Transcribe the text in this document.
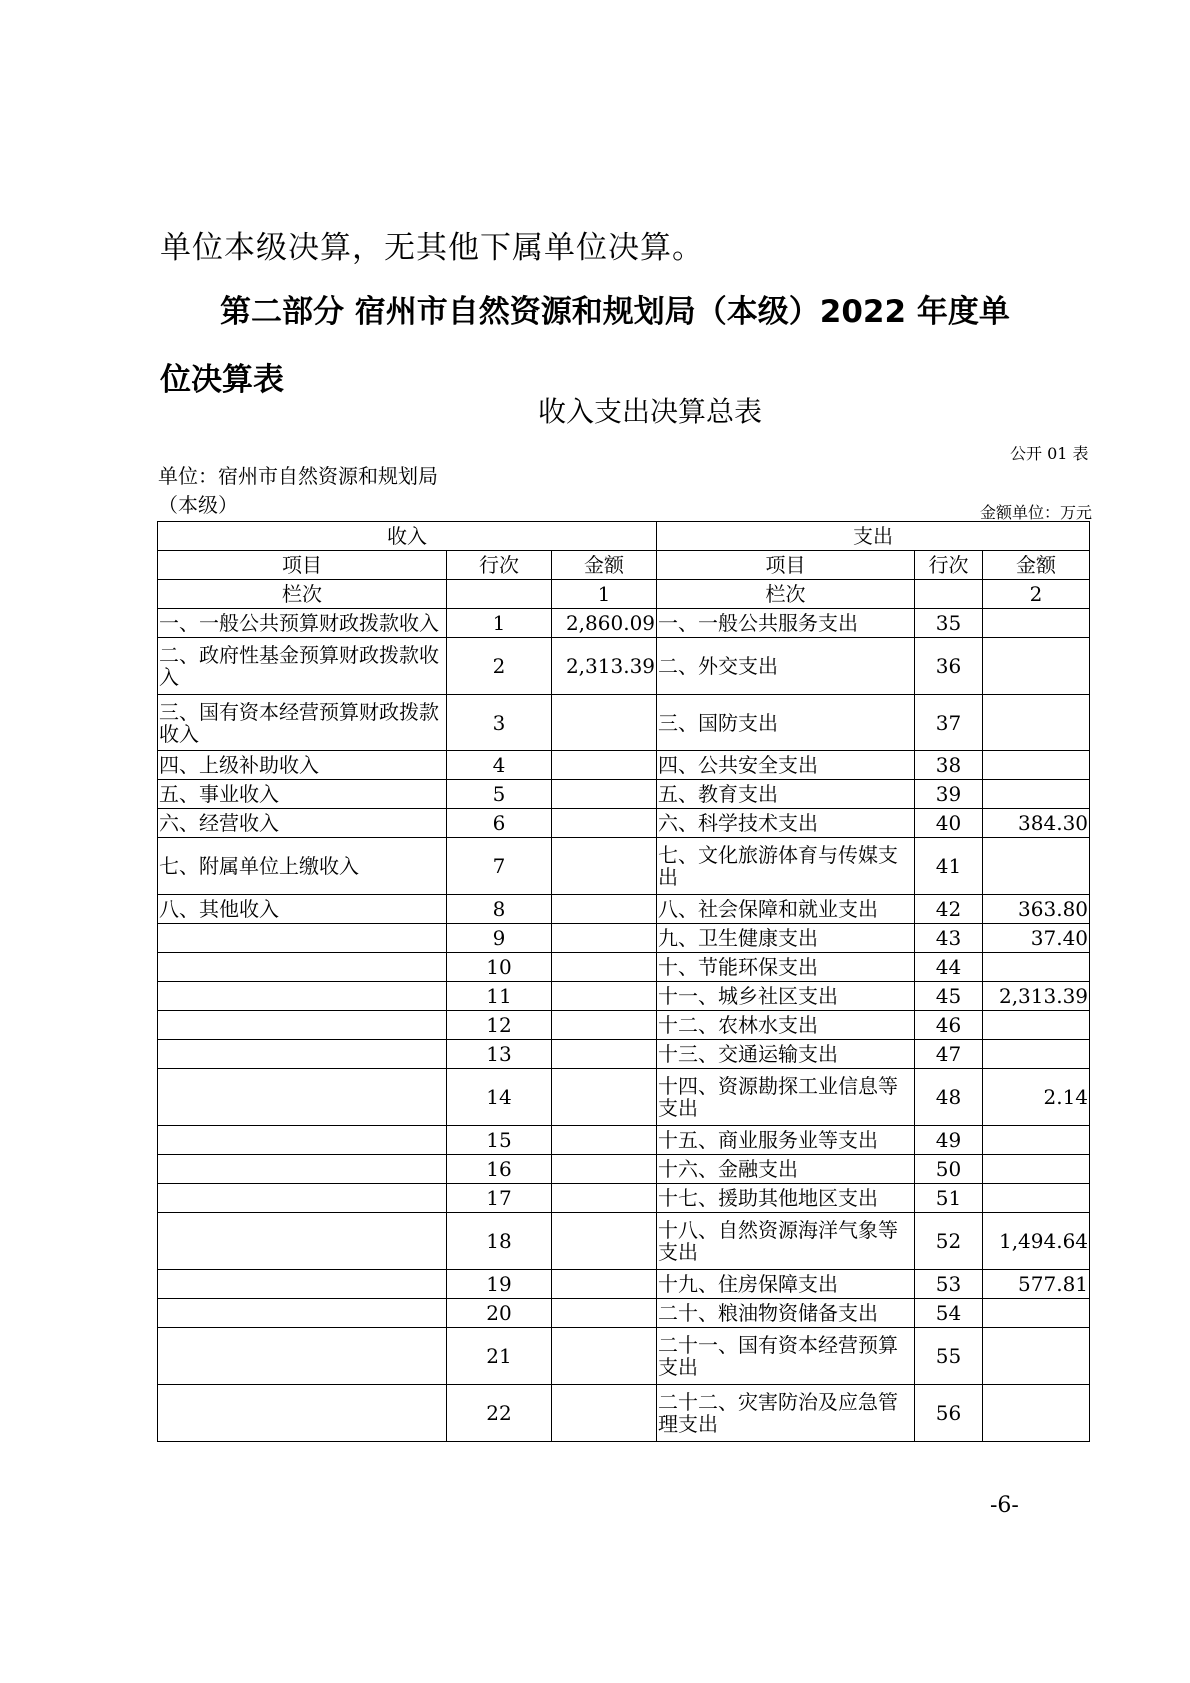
单位本级决算，无其他下属单位决算。
第二部分 宿州市自然资源和规划局（本级）2022 年度单位决算表
收入支出决算总表
公开 01 表
单位：宿州市自然资源和规划局（本级）	金额单位：万元
收入			支出		
项目	行次	金额	项目	行次	金额
栏次		1	栏次		2
一、一般公共预算财政拨款收入	1	2,860.09	一、一般公共服务支出	35	
二、政府性基金预算财政拨款收入	2	2,313.39	二、外交支出	36	
三、国有资本经营预算财政拨款收入	3		三、国防支出	37	
四、上级补助收入	4		四、公共安全支出	38	
五、事业收入	5		五、教育支出	39	
六、经营收入	6		六、科学技术支出	40	384.30
七、附属单位上缴收入	7		七、文化旅游体育与传媒支出	41	
八、其他收入	8		八、社会保障和就业支出	42	363.80
	9		九、卫生健康支出	43	37.40
	10		十、节能环保支出	44	
	11		十一、城乡社区支出	45	2,313.39
	12		十二、农林水支出	46	
	13		十三、交通运输支出	47	
	14		十四、资源勘探工业信息等支出	48	2.14
	15		十五、商业服务业等支出	49	
	16		十六、金融支出	50	
	17		十七、援助其他地区支出	51	
	18		十八、自然资源海洋气象等支出	52	1,494.64
	19		十九、住房保障支出	53	577.81
	20		二十、粮油物资储备支出	54	
	21		二十一、国有资本经营预算支出	55	
	22		二十二、灾害防治及应急管理支出	56	
-6-
